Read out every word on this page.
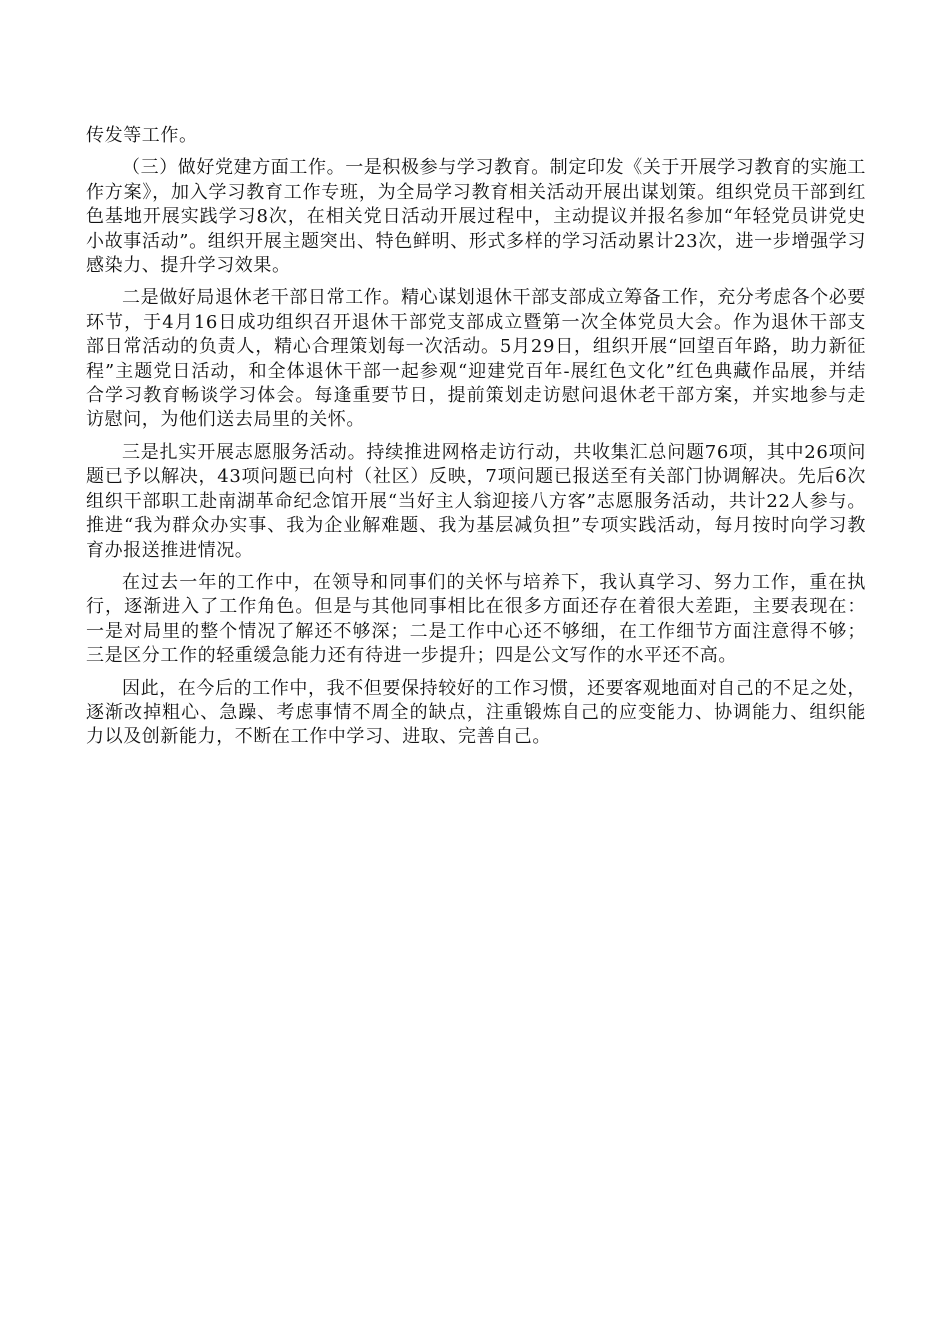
传发等工作。

（三）做好党建方面工作。一是积极参与学习教育。制定印发《关于开展学习教育的实施工作方案》，加入学习教育工作专班，为全局学习教育相关活动开展出谋划策。组织党员干部到红色基地开展实践学习8次，在相关党日活动开展过程中，主动提议并报名参加“年轻党员讲党史小故事活动”。组织开展主题突出、特色鲜明、形式多样的学习活动累计23次，进一步增强学习感染力、提升学习效果。

二是做好局退休老干部日常工作。精心谋划退休干部支部成立筹备工作，充分考虑各个必要环节，于4月16日成功组织召开退休干部党支部成立暨第一次全体党员大会。作为退休干部支部日常活动的负责人，精心合理策划每一次活动。5月29日，组织开展“回望百年路，助力新征程”主题党日活动，和全体退休干部一起参观“迎建党百年-展红色文化”红色典藏作品展，并结合学习教育畅谈学习体会。每逢重要节日，提前策划走访慰问退休老干部方案，并实地参与走访慰问，为他们送去局里的关怀。

三是扎实开展志愿服务活动。持续推进网格走访行动，共收集汇总问题76项，其中26项问题已予以解决，43项问题已向村（社区）反映，7项问题已报送至有关部门协调解决。先后6次组织干部职工赴南湖革命纪念馆开展“当好主人翁迎接八方客”志愿服务活动，共计22人参与。推进“我为群众办实事、我为企业解难题、我为基层减负担”专项实践活动，每月按时向学习教育办报送推进情况。

在过去一年的工作中，在领导和同事们的关怀与培养下，我认真学习、努力工作，重在执行，逐渐进入了工作角色。但是与其他同事相比在很多方面还存在着很大差距，主要表现在：一是对局里的整个情况了解还不够深；二是工作中心还不够细，在工作细节方面注意得不够；三是区分工作的轻重缓急能力还有待进一步提升；四是公文写作的水平还不高。

因此，在今后的工作中，我不但要保持较好的工作习惯，还要客观地面对自己的不足之处，逐渐改掉粗心、急躁、考虑事情不周全的缺点，注重锻炼自己的应变能力、协调能力、组织能力以及创新能力，不断在工作中学习、进取、完善自己。
